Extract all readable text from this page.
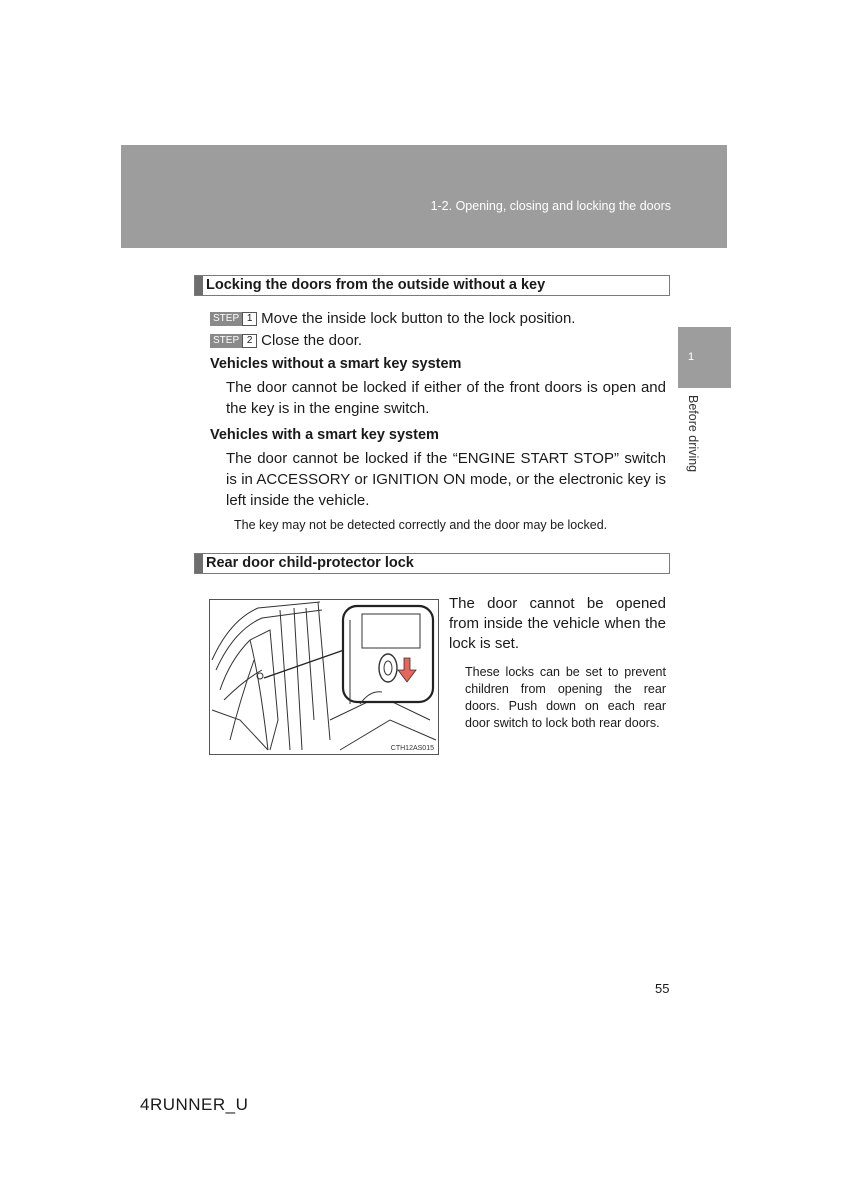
1-2. Opening, closing and locking the doors
1
Before driving
Locking the doors from the outside without a key
STEP 1 Move the inside lock button to the lock position.
STEP 2 Close the door.
Vehicles without a smart key system
The door cannot be locked if either of the front doors is open and the key is in the engine switch.
Vehicles with a smart key system
The door cannot be locked if the “ENGINE START STOP” switch is in ACCESSORY or IGNITION ON mode, or the electronic key is left inside the vehicle.
The key may not be detected correctly and the door may be locked.
Rear door child-protector lock
CTH12AS015
The door cannot be opened from inside the vehicle when the lock is set.
These locks can be set to prevent children from opening the rear doors. Push down on each rear door switch to lock both rear doors.
55
4RUNNER_U
